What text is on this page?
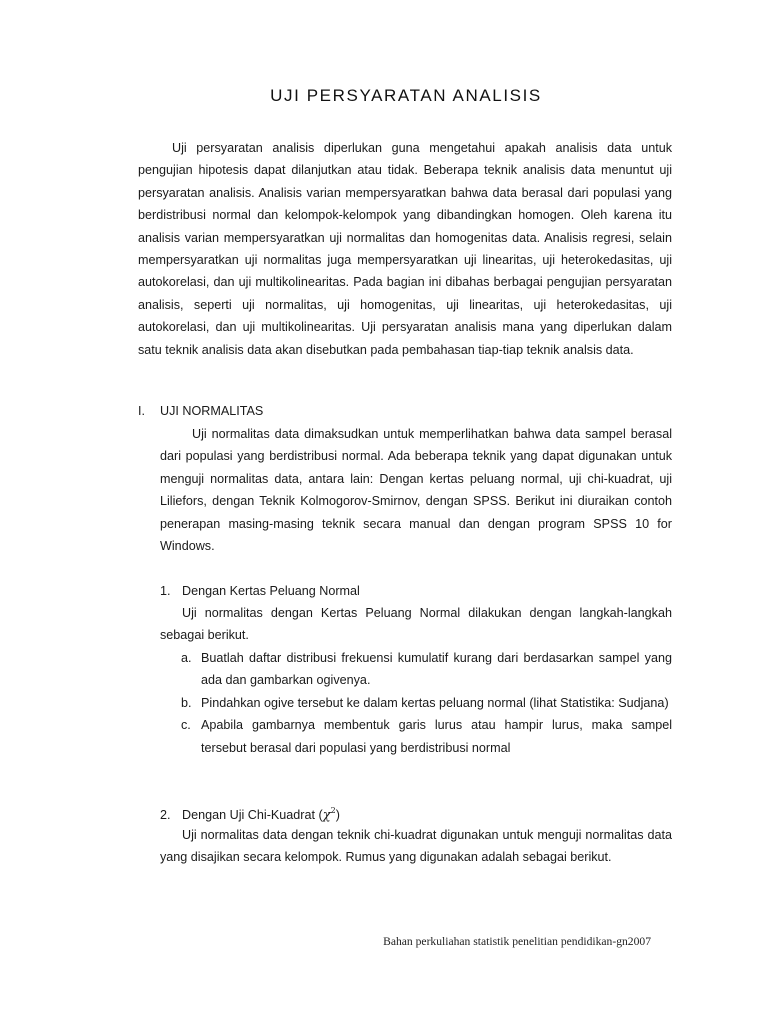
UJI PERSYARATAN ANALISIS
Uji persyaratan analisis diperlukan guna mengetahui apakah analisis data untuk pengujian hipotesis dapat dilanjutkan atau tidak. Beberapa teknik analisis data menuntut uji persyaratan analisis. Analisis varian mempersyaratkan bahwa data berasal dari populasi yang berdistribusi normal dan kelompok-kelompok yang dibandingkan homogen. Oleh karena itu analisis varian mempersyaratkan uji normalitas dan homogenitas data. Analisis regresi, selain mempersyaratkan uji normalitas juga mempersyaratkan uji linearitas, uji heterokedasitas, uji autokorelasi, dan uji multikolinearitas. Pada bagian ini dibahas berbagai pengujian persyaratan analisis, seperti uji normalitas, uji homogenitas, uji linearitas, uji heterokedasitas, uji autokorelasi, dan uji multikolinearitas. Uji persyaratan analisis mana yang diperlukan dalam satu teknik analisis data akan disebutkan pada pembahasan tiap-tiap teknik analsis data.
I. UJI NORMALITAS
Uji normalitas data dimaksudkan untuk memperlihatkan bahwa data sampel berasal dari populasi yang berdistribusi normal. Ada beberapa teknik yang dapat digunakan untuk menguji normalitas data, antara lain: Dengan kertas peluang normal, uji chi-kuadrat, uji Liliefors, dengan Teknik Kolmogorov-Smirnov, dengan SPSS. Berikut ini diuraikan contoh penerapan masing-masing teknik secara manual dan dengan program SPSS 10 for Windows.
1. Dengan Kertas Peluang Normal
Uji normalitas dengan Kertas Peluang Normal dilakukan dengan langkah-langkah sebagai berikut.
a. Buatlah daftar distribusi frekuensi kumulatif kurang dari berdasarkan sampel yang ada dan gambarkan ogivenya.
b. Pindahkan ogive tersebut ke dalam kertas peluang normal (lihat Statistika: Sudjana)
c. Apabila gambarnya membentuk garis lurus atau hampir lurus, maka sampel tersebut berasal dari populasi yang berdistribusi normal
2. Dengan Uji Chi-Kuadrat $(\chi^2)$
Uji normalitas data dengan teknik chi-kuadrat digunakan untuk menguji normalitas data yang disajikan secara kelompok. Rumus yang digunakan adalah sebagai berikut.
Bahan perkuliahan statistik penelitian pendidikan-gn2007
